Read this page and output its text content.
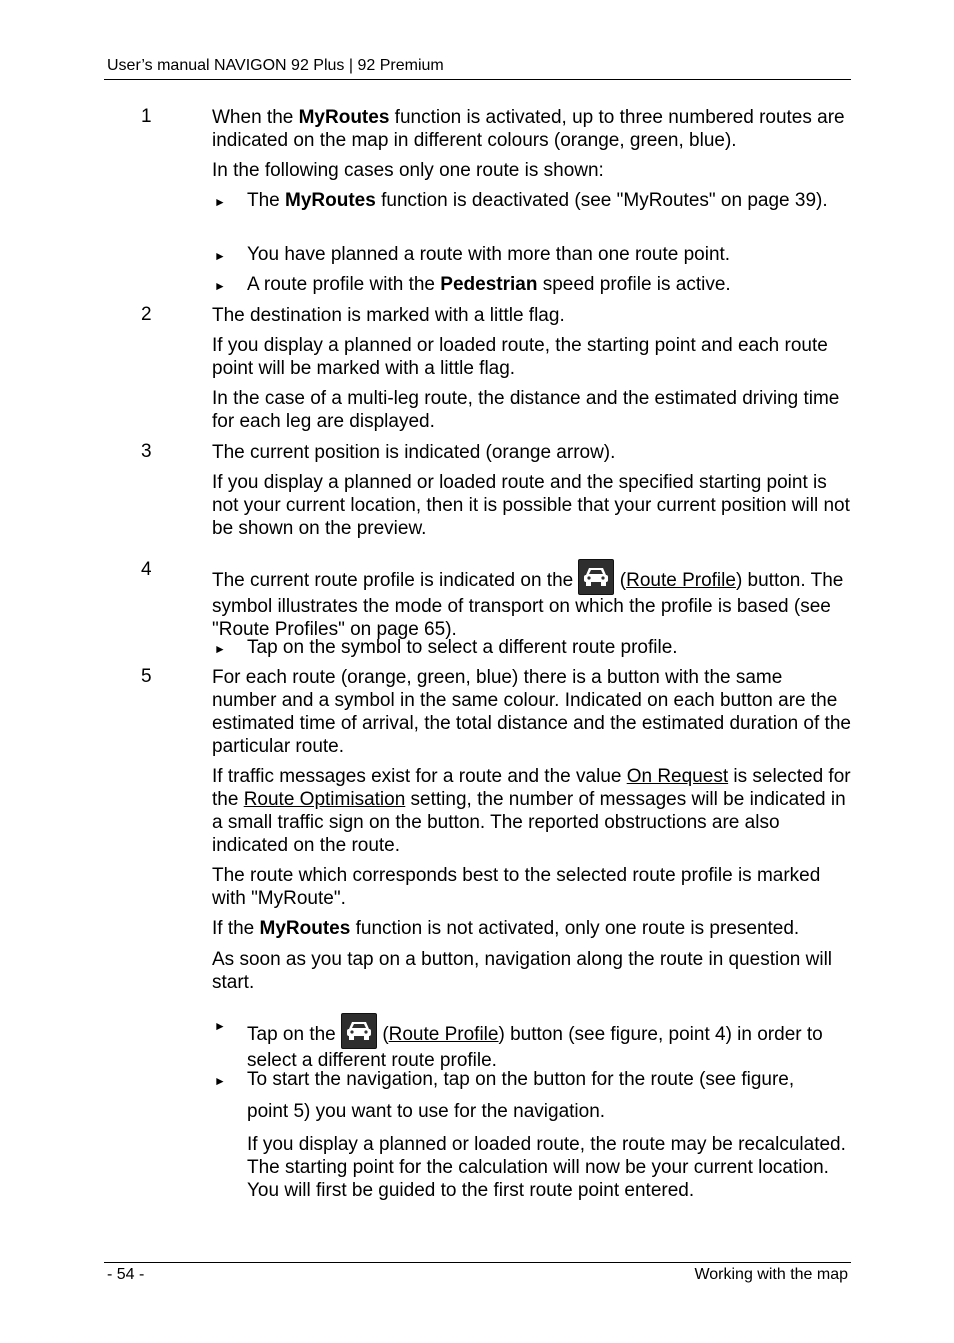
User’s manual NAVIGON 92 Plus | 92 Premium
1	When the MyRoutes function is activated, up to three numbered routes are indicated on the map in different colours (orange, green, blue).
In the following cases only one route is shown:
► The MyRoutes function is deactivated (see "MyRoutes" on page 39).
► You have planned a route with more than one route point.
► A route profile with the Pedestrian speed profile is active.
2	The destination is marked with a little flag.
If you display a planned or loaded route, the starting point and each route point will be marked with a little flag.
In the case of a multi-leg route, the distance and the estimated driving time for each leg are displayed.
3	The current position is indicated (orange arrow).
If you display a planned or loaded route and the specified starting point is not your current location, then it is possible that your current position will not be shown on the preview.
4
The current route profile is indicated on the
(Route Profile) button. The symbol illustrates the mode of transport on which the profile is based (see "Route Profiles" on page 65).
► Tap on the symbol to select a different route profile.
5	For each route (orange, green, blue) there is a button with the same number and a symbol in the same colour. Indicated on each button are the estimated time of arrival, the total distance and the estimated duration of the particular route.
If traffic messages exist for a route and the value On Request is selected for the Route Optimisation setting, the number of messages will be indicated in a small traffic sign on the button. The reported obstructions are also indicated on the route.
The route which corresponds best to the selected route profile is marked with "MyRoute".
If the MyRoutes function is not activated, only one route is presented.
As soon as you tap on a button, navigation along the route in question will start.
► Tap on the
(Route Profile) button (see figure, point 4) in order to select a different route profile.
► To start the navigation, tap on the button for the route (see figure,
point 5) you want to use for the navigation.
If you display a planned or loaded route, the route may be recalculated. The starting point for the calculation will now be your current location. You will first be guided to the first route point entered.
- 54 -	Working with the map
